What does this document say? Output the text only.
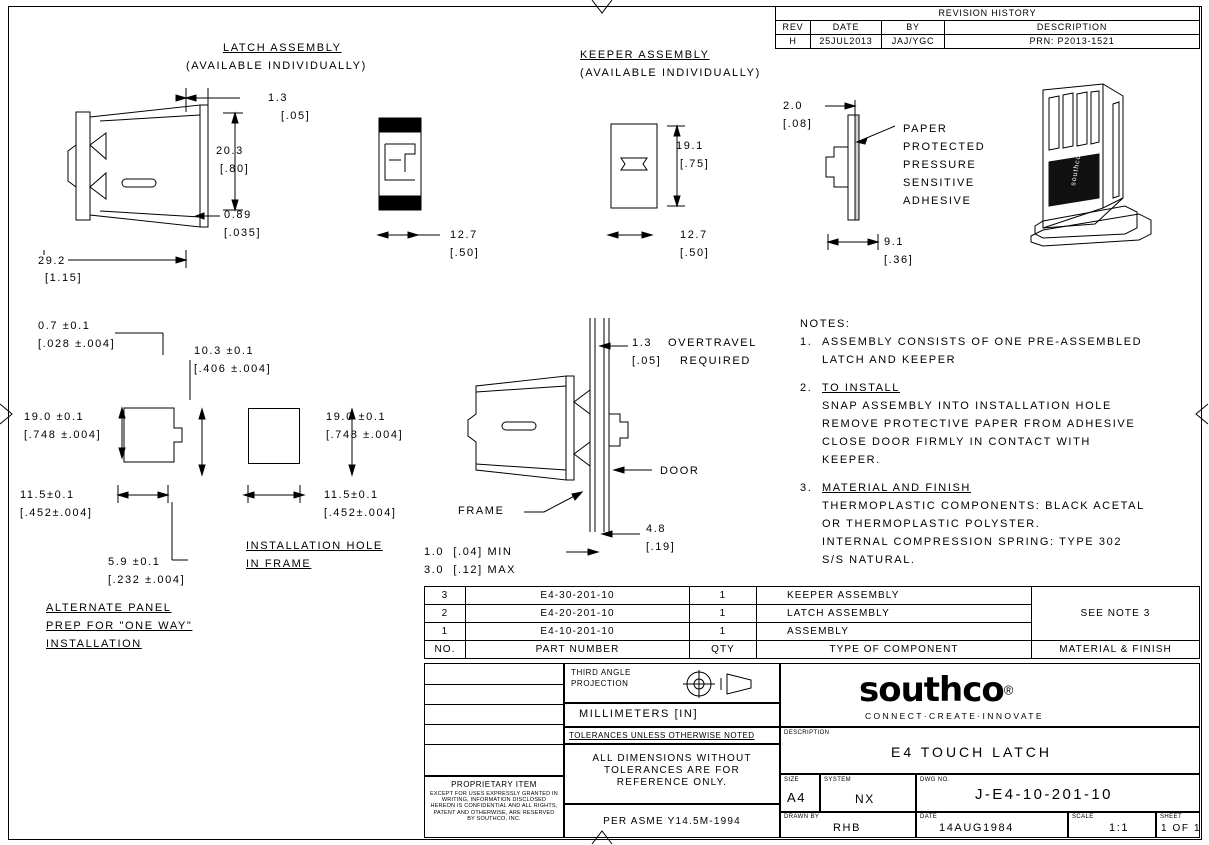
REVISION HISTORY			
REV	DATE	BY	DESCRIPTION
H	25JUL2013	JAJ/YGC	PRN: P2013-1521
LATCH ASSEMBLY
(AVAILABLE INDIVIDUALLY)
KEEPER ASSEMBLY
(AVAILABLE INDIVIDUALLY)
1.3
[.05]
20.3
[.80]
0.89
[.035]
29.2
[1.15]
12.7
[.50]
19.1
[.75]
12.7
[.50]
2.0
[.08]	PAPER
PROTECTED
PRESSURE
SENSITIVE
ADHESIVE
9.1
[.36]
southco
0.7 ±0.1
[.028 ±.004]
10.3 ±0.1
[.406 ±.004]
19.0 ±0.1
[.748 ±.004]
11.5±0.1
[.452±.004]
5.9 ±0.1
[.232 ±.004]
19.0 ±0.1
[.748 ±.004]
11.5±0.1
[.452±.004]
INSTALLATION HOLE
IN FRAME
ALTERNATE PANEL
PREP FOR "ONE WAY"
INSTALLATION
1.3 OVERTRAVEL
[.05] REQUIRED
DOOR
FRAME
4.8
[.19]
1.0  [.04] MIN
3.0  [.12] MAX
NOTES:
1. ASSEMBLY CONSISTS OF ONE PRE-ASSEMBLED
LATCH AND KEEPER
2. TO INSTALL
SNAP ASSEMBLY INTO INSTALLATION HOLE
REMOVE PROTECTIVE PAPER FROM ADHESIVE
CLOSE DOOR FIRMLY IN CONTACT WITH
KEEPER.
3. MATERIAL AND FINISH
THERMOPLASTIC COMPONENTS: BLACK ACETAL
OR THERMOPLASTIC POLYSTER.
INTERNAL COMPRESSION SPRING: TYPE 302
S/S NATURAL.
3	E4-30-201-10	1	KEEPER ASSEMBLY	SEE NOTE 3
2	E4-20-201-10	1	LATCH ASSEMBLY	
1	E4-10-201-10	1	ASSEMBLY	
NO.	PART NUMBER	QTY	TYPE OF COMPONENT	MATERIAL & FINISH
PROPRIETARY ITEM
EXCEPT FOR USES EXPRESSLY GRANTED IN WRITING, INFORMATION DISCLOSED HEREON IS CONFIDENTIAL AND ALL RIGHTS, PATENT AND OTHERWISE, ARE RESERVED BY SOUTHCO, INC.
THIRD ANGLE
PROJECTION
MILLIMETERS [IN]
TOLERANCES UNLESS OTHERWISE NOTED
ALL DIMENSIONS WITHOUT
TOLERANCES ARE FOR
REFERENCE ONLY.
PER ASME Y14.5M-1994
southco®
CONNECT·CREATE·INNOVATE
DESCRIPTION
E4 TOUCH LATCH
SIZE
A4
SYSTEM
NX
DWG NO.
J-E4-10-201-10
DRAWN BY
RHB
DATE
14AUG1984
SCALE
1:1
SHEET
1 OF 1
